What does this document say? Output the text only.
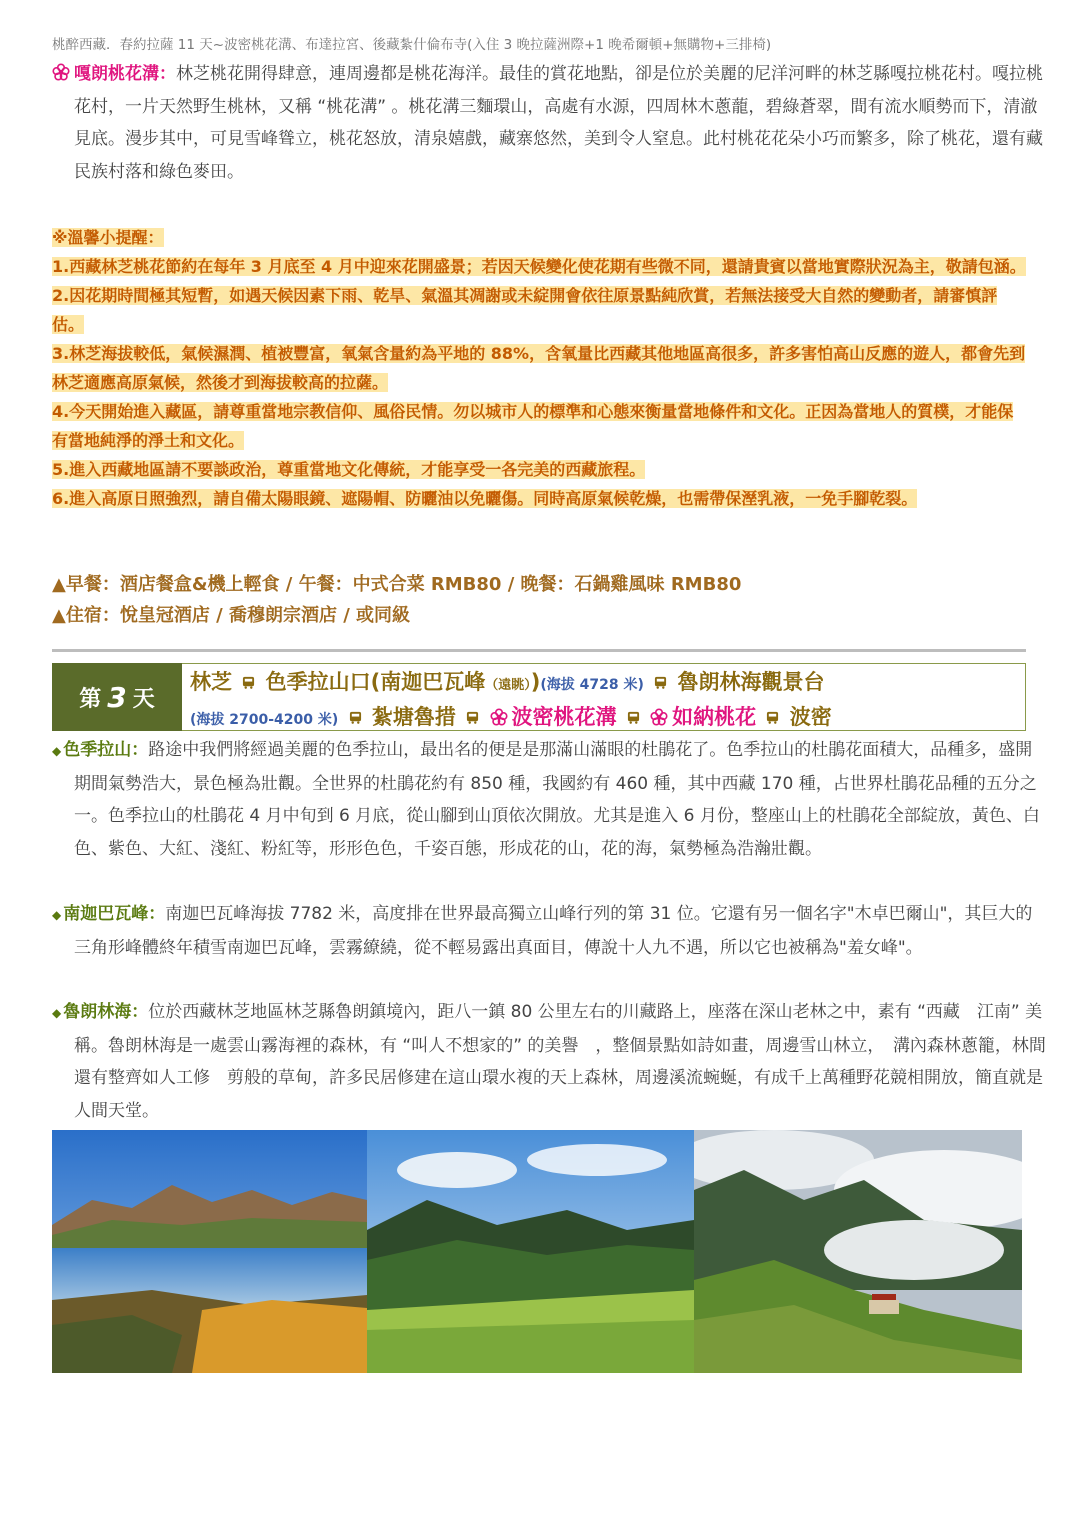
桃醉西藏．春約拉薩 11 天~波密桃花溝、布達拉宮、後藏紮什倫布寺(入住 3 晚拉薩洲際+1 晚希爾頓+無購物+三排椅)
嘎朗桃花溝：林芝桃花開得肆意，連周邊都是桃花海洋。最佳的賞花地點，卻是位於美麗的尼洋河畔的林芝縣嘎拉桃花村。嘎拉桃花村，一片天然野生桃林，又稱 “桃花溝” 。桃花溝三麵環山，高處有水源，四周林木蔥蘢，碧綠蒼翠，間有流水順勢而下，清澈見底。漫步其中，可見雪峰聳立，桃花怒放，清泉嬉戲，藏寨悠然，美到令人窒息。此村桃花花朵小巧而繁多，除了桃花，還有藏民族村落和綠色麥田。
※溫馨小提醒：
1.西藏林芝桃花節約在每年 3 月底至 4 月中迎來花開盛景；若因天候變化使花期有些微不同，還請貴賓以當地實際狀況為主，敬請包涵。
2.因花期時間極其短暫，如遇天候因素下雨、乾旱、氣溫其凋謝或未綻開會依往原景點純欣賞，若無法接受大自然的變動者，請審慎評估。
3.林芝海拔較低，氣候濕潤、植被豐富，氧氣含量約為平地的 88%，含氧量比西藏其他地區高很多，許多害怕高山反應的遊人，都會先到林芝適應高原氣候，然後才到海拔較高的拉薩。
4.今天開始進入藏區，請尊重當地宗教信仰、風俗民情。勿以城市人的標準和心態來衡量當地條件和文化。正因為當地人的質樸，才能保有當地純淨的淨土和文化。
5.進入西藏地區請不要談政治，尊重當地文化傳統，才能享受一各完美的西藏旅程。
6.進入高原日照強烈，請自備太陽眼鏡、遮陽帽、防曬油以免曬傷。同時高原氣候乾燥，也需帶保溼乳液，一免手腳乾裂。
▲早餐：酒店餐盒&機上輕食 / 午餐：中式合菜 RMB80 / 晚餐：石鍋雞風味 RMB80
▲住宿：悅皇冠酒店 / 喬穆朗宗酒店 / 或同級
第 3 天
林芝 色季拉山口(南迦巴瓦峰（遠眺）)(海拔 4728 米) 魯朗林海觀景台
(海拔 2700-4200 米) 紮塘魯措	波密桃花溝	如納桃花 波密
◆ 色季拉山：路途中我們將經過美麗的色季拉山，最出名的便是是那滿山滿眼的杜鵑花了。色季拉山的杜鵑花面積大，品種多，盛開期間氣勢浩大，景色極為壯觀。全世界的杜鵑花約有 850 種，我國約有 460 種，其中西藏 170 種，占世界杜鵑花品種的五分之一。色季拉山的杜鵑花 4 月中旬到 6 月底，從山腳到山頂依次開放。尤其是進入 6 月份，整座山上的杜鵑花全部綻放，黃色、白色、紫色、大紅、淺紅、粉紅等，形形色色，千姿百態，形成花的山，花的海，氣勢極為浩瀚壯觀。
◆ 南迦巴瓦峰：南迦巴瓦峰海拔 7782 米，高度排在世界最高獨立山峰行列的第 31 位。它還有另一個名字"木卓巴爾山"，其巨大的三角形峰體終年積雪南迦巴瓦峰，雲霧繚繞，從不輕易露出真面目，傳說十人九不遇，所以它也被稱為"羞女峰"。
◆ 魯朗林海：位於西藏林芝地區林芝縣魯朗鎮境內，距八一鎮 80 公里左右的川藏路上，座落在深山老林之中，素有 “西藏　江南” 美稱。魯朗林海是一處雲山霧海裡的森林，有 “叫人不想家的” 的美譽　，整個景點如詩如畫，周邊雪山林立，　溝內森林蔥籠，林間還有整齊如人工修　剪般的草甸，許多民居修建在這山環水複的天上森林，周邊溪流蜿蜒，有成千上萬種野花競相開放，簡直就是人間天堂。
